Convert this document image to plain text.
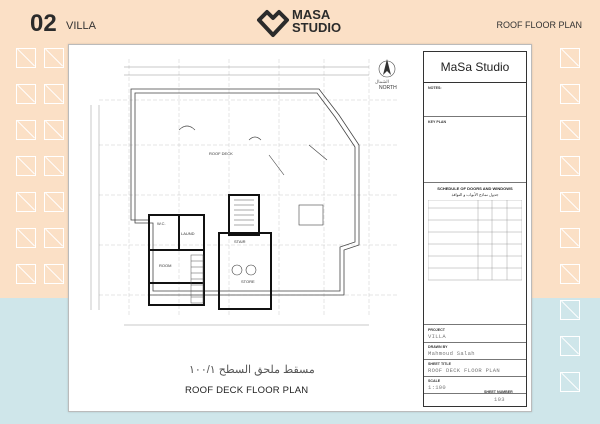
02 VILLA
MASA
STUDIO	ROOF FLOOR PLAN
NORTH
الشمال
ROOF DECK
LAUND
STAIR
ROOM
STORE
W.C.
مسقط ملحق السطح ١٠٠/١
ROOF DECK FLOOR PLAN
MaSa Studio
NOTES:
KEY PLAN
SCHEDULE OF DOORS AND WINDOWS
جدول نماذج الأبواب و النوافذ
PROJECT
VILLA
DRAWN BY
Mahmoud Salah
SHEET TITLE
ROOF DECK FLOOR PLAN
SCALE
1:100
SHEET NUMBER
103
